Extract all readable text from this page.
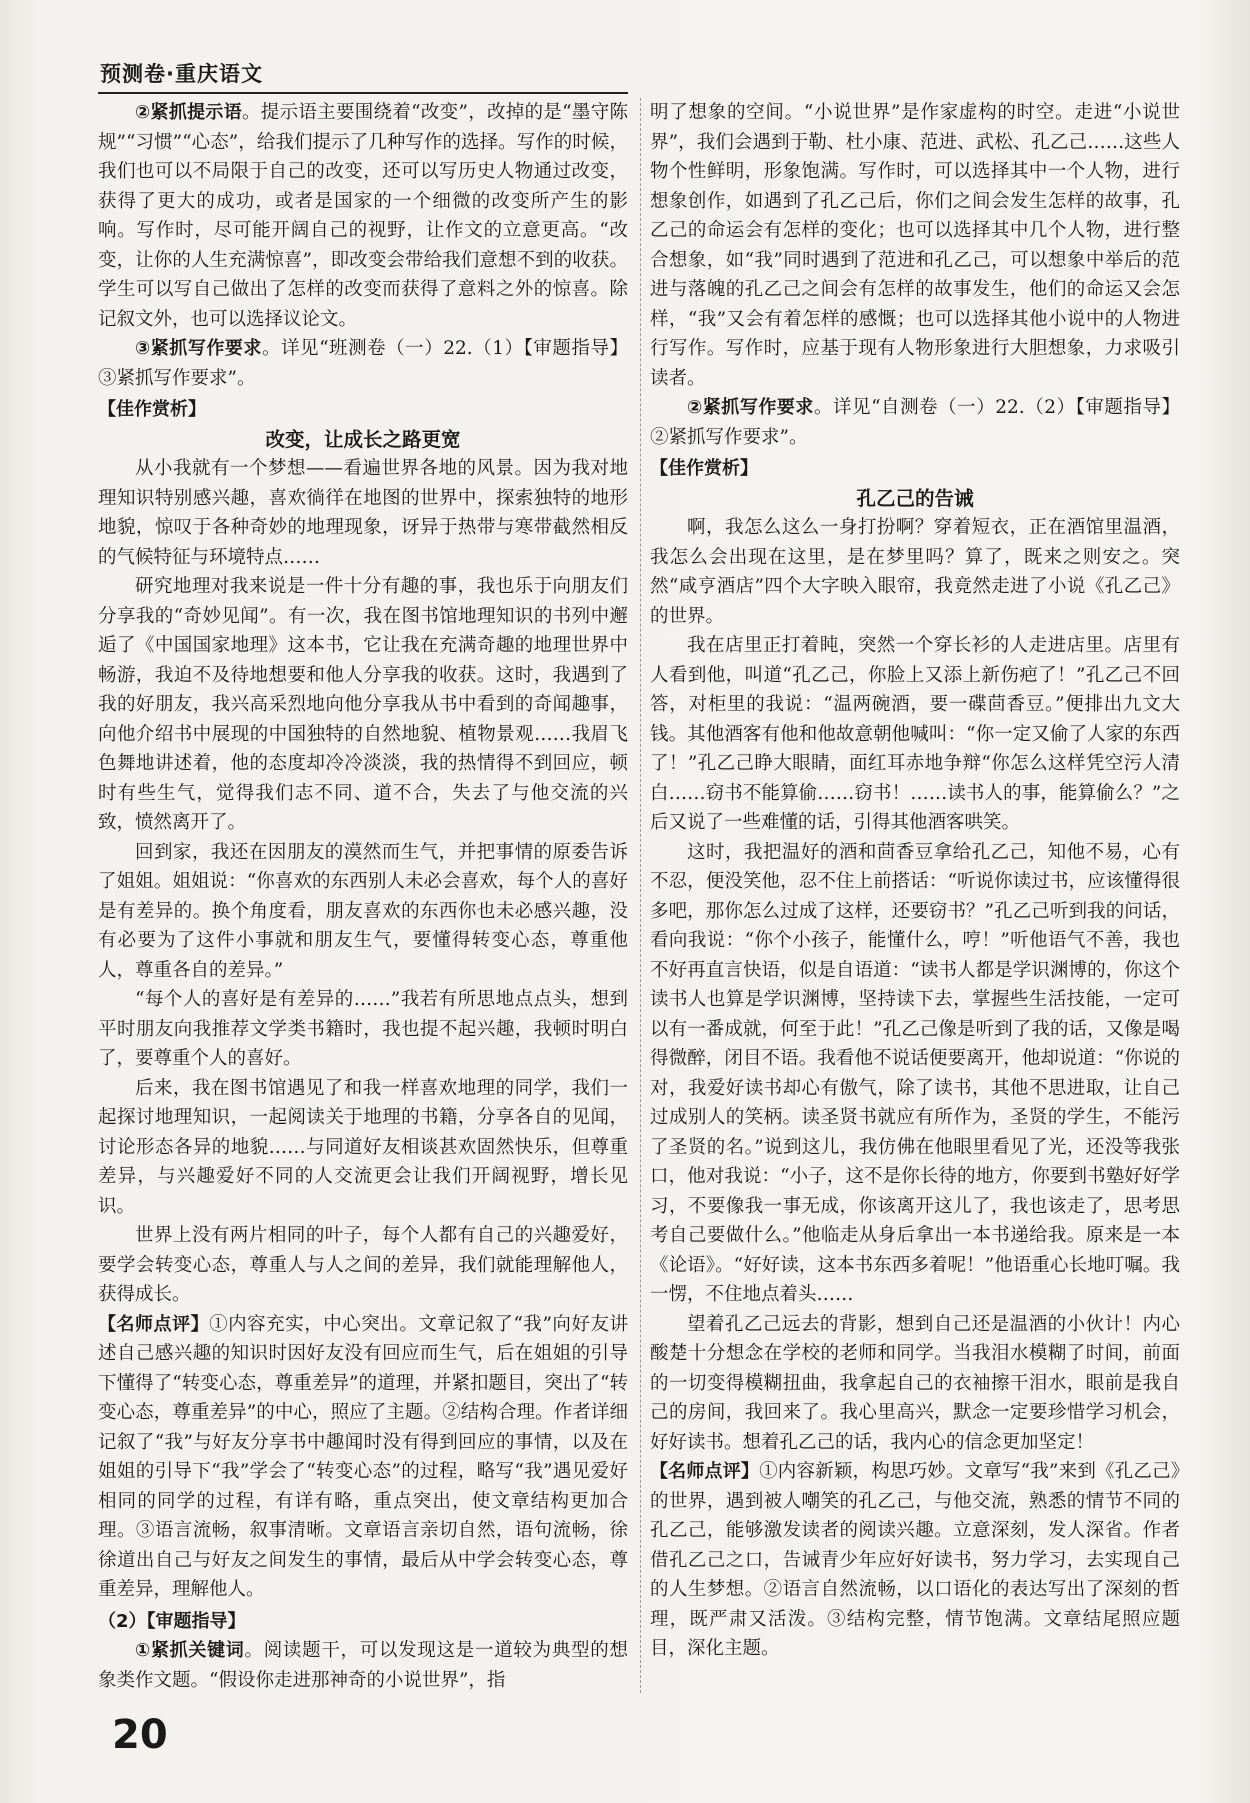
预测卷·重庆语文

②紧抓提示语。提示语主要围绕着“改变”，改掉的是“墨守陈规”“习惯”“心态”，给我们提示了几种写作的选择。写作的时候，我们也可以不局限于自己的改变，还可以写历史人物通过改变，获得了更大的成功，或者是国家的一个细微的改变所产生的影响。写作时，尽可能开阔自己的视野，让作文的立意更高。“改变，让你的人生充满惊喜”，即改变会带给我们意想不到的收获。学生可以写自己做出了怎样的改变而获得了意料之外的惊喜。除记叙文外，也可以选择议论文。

③紧抓写作要求。详见“班测卷（一）22.（1）【审题指导】③紧抓写作要求”。

【佳作赏析】

改变，让成长之路更宽

从小我就有一个梦想——看遍世界各地的风景。因为我对地理知识特别感兴趣，喜欢徜徉在地图的世界中，探索独特的地形地貌，惊叹于各种奇妙的地理现象，讶异于热带与寒带截然相反的气候特征与环境特点……

研究地理对我来说是一件十分有趣的事，我也乐于向朋友们分享我的“奇妙见闻”。有一次，我在图书馆地理知识的书列中邂逅了《中国国家地理》这本书，它让我在充满奇趣的地理世界中畅游，我迫不及待地想要和他人分享我的收获。这时，我遇到了我的好朋友，我兴高采烈地向他分享我从书中看到的奇闻趣事，向他介绍书中展现的中国独特的自然地貌、植物景观……我眉飞色舞地讲述着，他的态度却冷冷淡淡，我的热情得不到回应，顿时有些生气，觉得我们志不同、道不合，失去了与他交流的兴致，愤然离开了。

回到家，我还在因朋友的漠然而生气，并把事情的原委告诉了姐姐。姐姐说：“你喜欢的东西别人未必会喜欢，每个人的喜好是有差异的。换个角度看，朋友喜欢的东西你也未必感兴趣，没有必要为了这件小事就和朋友生气，要懂得转变心态，尊重他人，尊重各自的差异。”

“每个人的喜好是有差异的……”我若有所思地点点头，想到平时朋友向我推荐文学类书籍时，我也提不起兴趣，我顿时明白了，要尊重个人的喜好。

后来，我在图书馆遇见了和我一样喜欢地理的同学，我们一起探讨地理知识，一起阅读关于地理的书籍，分享各自的见闻，讨论形态各异的地貌……与同道好友相谈甚欢固然快乐，但尊重差异，与兴趣爱好不同的人交流更会让我们开阔视野，增长见识。

世界上没有两片相同的叶子，每个人都有自己的兴趣爱好，要学会转变心态，尊重人与人之间的差异，我们就能理解他人，获得成长。

【名师点评】①内容充实，中心突出。文章记叙了“我”向好友讲述自己感兴趣的知识时因好友没有回应而生气，后在姐姐的引导下懂得了“转变心态，尊重差异”的道理，并紧扣题目，突出了“转变心态，尊重差异”的中心，照应了主题。②结构合理。作者详细记叙了“我”与好友分享书中趣闻时没有得到回应的事情，以及在姐姐的引导下“我”学会了“转变心态”的过程，略写“我”遇见爱好相同的同学的过程，有详有略，重点突出，使文章结构更加合理。③语言流畅，叙事清晰。文章语言亲切自然，语句流畅，徐徐道出自己与好友之间发生的事情，最后从中学会转变心态，尊重差异，理解他人。

（2）【审题指导】

①紧抓关键词。阅读题干，可以发现这是一道较为典型的想象类作文题。“假设你走进那神奇的小说世界”，指

明了想象的空间。“小说世界”是作家虚构的时空。走进“小说世界”，我们会遇到于勒、杜小康、范进、武松、孔乙己……这些人物个性鲜明，形象饱满。写作时，可以选择其中一个人物，进行想象创作，如遇到了孔乙己后，你们之间会发生怎样的故事，孔乙己的命运会有怎样的变化；也可以选择其中几个人物，进行整合想象，如“我”同时遇到了范进和孔乙己，可以想象中举后的范进与落魄的孔乙己之间会有怎样的故事发生，他们的命运又会怎样，“我”又会有着怎样的感慨；也可以选择其他小说中的人物进行写作。写作时，应基于现有人物形象进行大胆想象，力求吸引读者。

②紧抓写作要求。详见“自测卷（一）22.（2）【审题指导】②紧抓写作要求”。

【佳作赏析】

孔乙己的告诫

啊，我怎么这么一身打扮啊？穿着短衣，正在酒馆里温酒，我怎么会出现在这里，是在梦里吗？算了，既来之则安之。突然“咸亨酒店”四个大字映入眼帘，我竟然走进了小说《孔乙己》的世界。

我在店里正打着盹，突然一个穿长衫的人走进店里。店里有人看到他，叫道“孔乙己，你脸上又添上新伤疤了！”孔乙己不回答，对柜里的我说：“温两碗酒，要一碟茴香豆。”便排出九文大钱。其他酒客有他和他故意朝他喊叫：“你一定又偷了人家的东西了！”孔乙己睁大眼睛，面红耳赤地争辩“你怎么这样凭空污人清白……窃书不能算偷……窃书！……读书人的事，能算偷么？”之后又说了一些难懂的话，引得其他酒客哄笑。

这时，我把温好的酒和茴香豆拿给孔乙己，知他不易，心有不忍，便没笑他，忍不住上前搭话：“听说你读过书，应该懂得很多吧，那你怎么过成了这样，还要窃书？”孔乙己听到我的问话，看向我说：“你个小孩子，能懂什么，哼！”听他语气不善，我也不好再直言快语，似是自语道：“读书人都是学识渊博的，你这个读书人也算是学识渊博，坚持读下去，掌握些生活技能，一定可以有一番成就，何至于此！”孔乙己像是听到了我的话，又像是喝得微醉，闭目不语。我看他不说话便要离开，他却说道：“你说的对，我爱好读书却心有傲气，除了读书，其他不思进取，让自己过成别人的笑柄。读圣贤书就应有所作为，圣贤的学生，不能污了圣贤的名。”说到这儿，我仿佛在他眼里看见了光，还没等我张口，他对我说：“小子，这不是你长待的地方，你要到书塾好好学习，不要像我一事无成，你该离开这儿了，我也该走了，思考思考自己要做什么。”他临走从身后拿出一本书递给我。原来是一本《论语》。“好好读，这本书东西多着呢！”他语重心长地叮嘱。我一愣，不住地点着头……

望着孔乙己远去的背影，想到自己还是温酒的小伙计！内心酸楚十分想念在学校的老师和同学。当我泪水模糊了时间，前面的一切变得模糊扭曲，我拿起自己的衣袖擦干泪水，眼前是我自己的房间，我回来了。我心里高兴，默念一定要珍惜学习机会，好好读书。想着孔乙己的话，我内心的信念更加坚定！

【名师点评】①内容新颖，构思巧妙。文章写“我”来到《孔乙己》的世界，遇到被人嘲笑的孔乙己，与他交流，熟悉的情节不同的孔乙己，能够激发读者的阅读兴趣。立意深刻，发人深省。作者借孔乙己之口，告诫青少年应好好读书，努力学习，去实现自己的人生梦想。②语言自然流畅，以口语化的表达写出了深刻的哲理，既严肃又活泼。③结构完整，情节饱满。文章结尾照应题目，深化主题。

20
